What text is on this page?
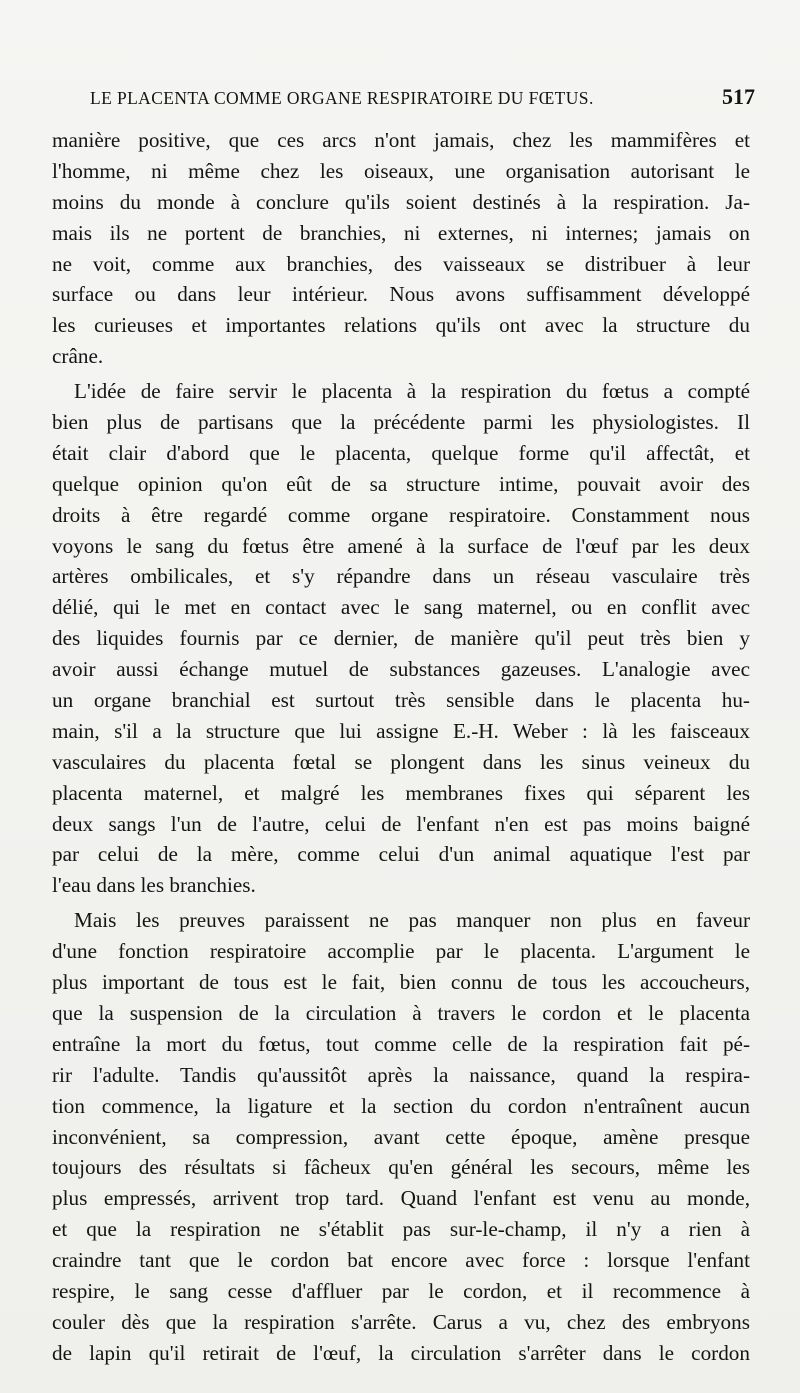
LE PLACENTA COMME ORGANE RESPIRATOIRE DU FŒTUS.	517
manière positive, que ces arcs n'ont jamais, chez les mammifères et
l'homme, ni même chez les oiseaux, une organisation autorisant le
moins du monde à conclure qu'ils soient destinés à la respiration. Ja-
mais ils ne portent de branchies, ni externes, ni internes; jamais on
ne voit, comme aux branchies, des vaisseaux se distribuer à leur
surface ou dans leur intérieur. Nous avons suffisamment développé
les curieuses et importantes relations qu'ils ont avec la structure du
crâne.
L'idée de faire servir le placenta à la respiration du fœtus a compté
bien plus de partisans que la précédente parmi les physiologistes. Il
était clair d'abord que le placenta, quelque forme qu'il affectât, et
quelque opinion qu'on eût de sa structure intime, pouvait avoir des
droits à être regardé comme organe respiratoire. Constamment nous
voyons le sang du fœtus être amené à la surface de l'œuf par les deux
artères ombilicales, et s'y répandre dans un réseau vasculaire très
délié, qui le met en contact avec le sang maternel, ou en conflit avec
des liquides fournis par ce dernier, de manière qu'il peut très bien y
avoir aussi échange mutuel de substances gazeuses. L'analogie avec
un organe branchial est surtout très sensible dans le placenta hu-
main, s'il a la structure que lui assigne E.-H. Weber : là les faisceaux
vasculaires du placenta fœtal se plongent dans les sinus veineux du
placenta maternel, et malgré les membranes fixes qui séparent les
deux sangs l'un de l'autre, celui de l'enfant n'en est pas moins baigné
par celui de la mère, comme celui d'un animal aquatique l'est par
l'eau dans les branchies.
Mais les preuves paraissent ne pas manquer non plus en faveur
d'une fonction respiratoire accomplie par le placenta. L'argument le
plus important de tous est le fait, bien connu de tous les accoucheurs,
que la suspension de la circulation à travers le cordon et le placenta
entraîne la mort du fœtus, tout comme celle de la respiration fait pé-
rir l'adulte. Tandis qu'aussitôt après la naissance, quand la respira-
tion commence, la ligature et la section du cordon n'entraînent aucun
inconvénient, sa compression, avant cette époque, amène presque
toujours des résultats si fâcheux qu'en général les secours, même les
plus empressés, arrivent trop tard. Quand l'enfant est venu au monde,
et que la respiration ne s'établit pas sur-le-champ, il n'y a rien à
craindre tant que le cordon bat encore avec force : lorsque l'enfant
respire, le sang cesse d'affluer par le cordon, et il recommence à
couler dès que la respiration s'arrête. Carus a vu, chez des embryons
de lapin qu'il retirait de l'œuf, la circulation s'arrêter dans le cordon
